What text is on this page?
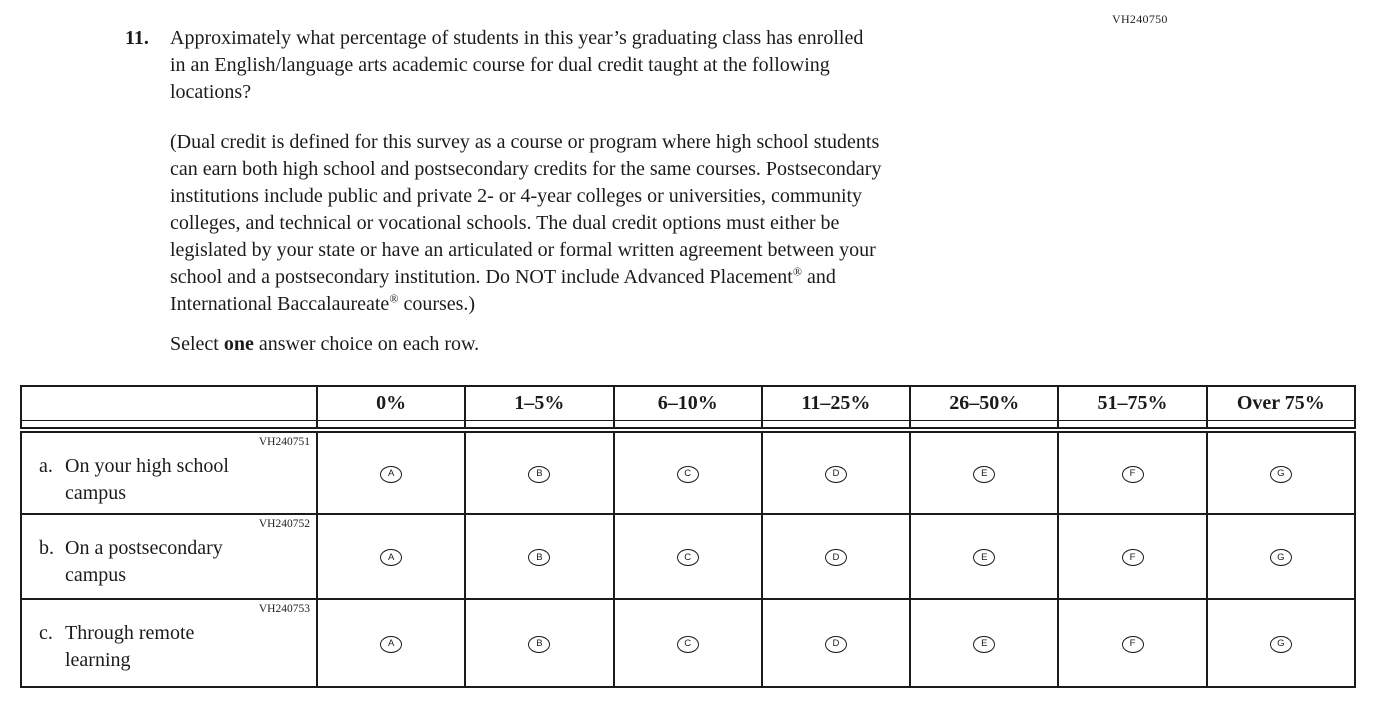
VH240750
11.	Approximately what percentage of students in this year’s graduating class has enrolled
in an English/language arts academic course for dual credit taught at the following
locations?
(Dual credit is defined for this survey as a course or program where high school students
can earn both high school and postsecondary credits for the same courses. Postsecondary
institutions include public and private 2- or 4-year colleges or universities, community
colleges, and technical or vocational schools. The dual credit options must either be
legislated by your state or have an articulated or formal written agreement between your
school and a postsecondary institution. Do NOT include Advanced Placement® and
International Baccalaureate® courses.)
Select one answer choice on each row.
	0%	1–5%	6–10%	11–25%	26–50%	51–75%	Over 75%

VH240751
a. On your high school
campus	A	B	C	D	E	F	G

VH240752
b. On a postsecondary
campus	A	B	C	D	E	F	G

VH240753
c. Through remote
learning	A	B	C	D	E	F	G
